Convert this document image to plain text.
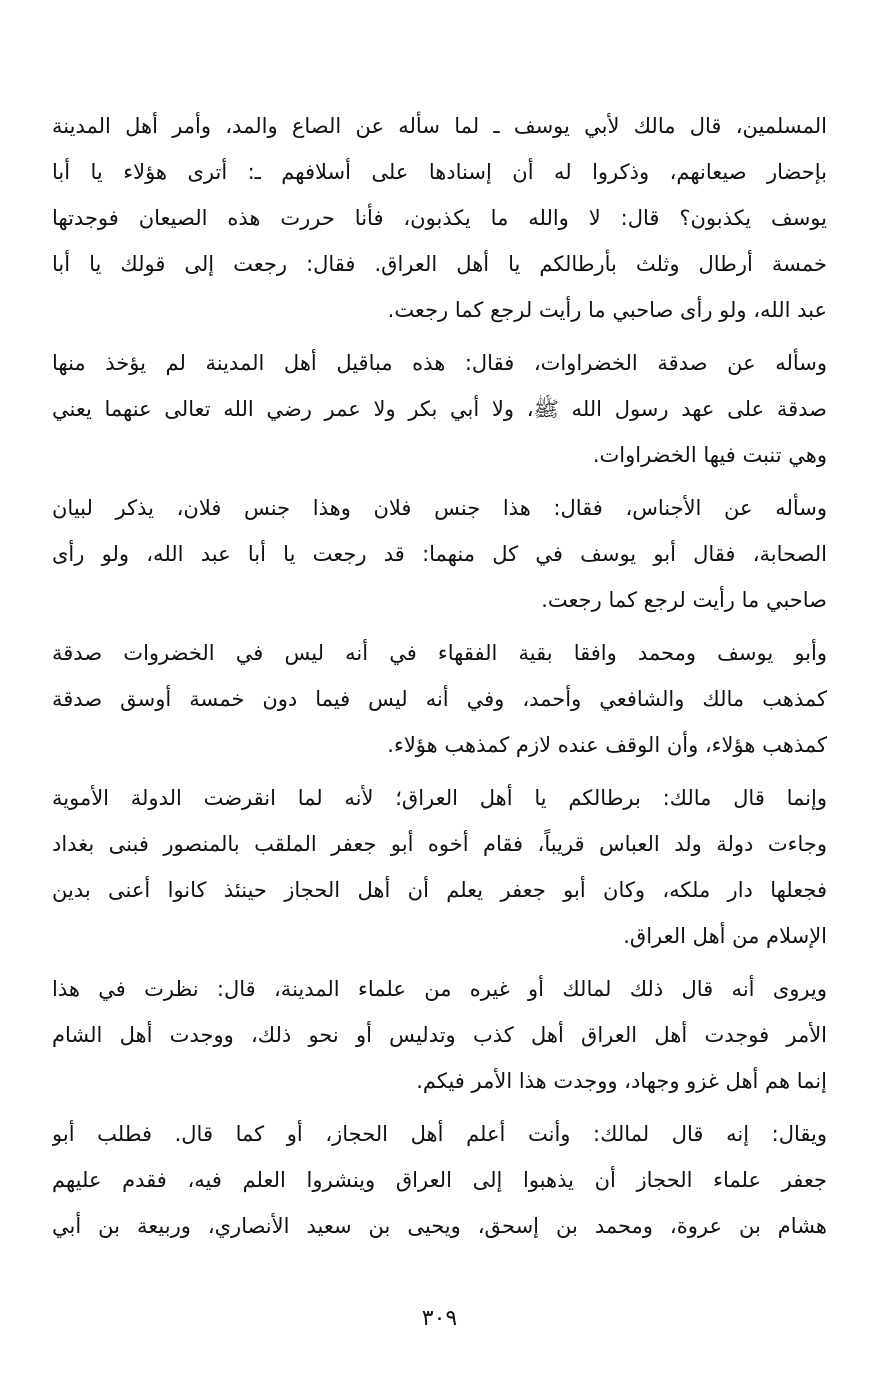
المسلمين، قال مالك لأبي يوسف ـ لما سأله عن الصاع والمد، وأمر أهل المدينة
بإحضار صيعانهم، وذكروا له أن إسنادها على أسلافهم ـ: أترى هؤلاء يا أبا
يوسف يكذبون؟ قال: لا والله ما يكذبون، فأنا حررت هذه الصيعان فوجدتها
خمسة أرطال وثلث بأرطالكم يا أهل العراق. فقال: رجعت إلى قولك يا أبا
عبد الله، ولو رأى صاحبي ما رأيت لرجع كما رجعت.
وسأله عن صدقة الخضراوات، فقال: هذه مباقيل أهل المدينة لم يؤخذ منها
صدقة على عهد رسول الله ﷺ، ولا أبي بكر ولا عمر رضي الله تعالى عنهما يعني
وهي تنبت فيها الخضراوات.
وسأله عن الأجناس، فقال: هذا جنس فلان وهذا جنس فلان، يذكر لبيان
الصحابة، فقال أبو يوسف في كل منهما: قد رجعت يا أبا عبد الله، ولو رأى
صاحبي ما رأيت لرجع كما رجعت.
وأبو يوسف ومحمد وافقا بقية الفقهاء في أنه ليس في الخضروات صدقة
كمذهب مالك والشافعي وأحمد، وفي أنه ليس فيما دون خمسة أوسق صدقة
كمذهب هؤلاء، وأن الوقف عنده لازم كمذهب هؤلاء.
وإنما قال مالك: برطالكم يا أهل العراق؛ لأنه لما انقرضت الدولة الأموية
وجاءت دولة ولد العباس قريباً، فقام أخوه أبو جعفر الملقب بالمنصور فبنى بغداد
فجعلها دار ملكه، وكان أبو جعفر يعلم أن أهل الحجاز حينئذ كانوا أعنى بدين
الإسلام من أهل العراق.
ويروى أنه قال ذلك لمالك أو غيره من علماء المدينة، قال: نظرت في هذا
الأمر فوجدت أهل العراق أهل كذب وتدليس أو نحو ذلك، ووجدت أهل الشام
إنما هم أهل غزو وجهاد، ووجدت هذا الأمر فيكم.
ويقال: إنه قال لمالك: وأنت أعلم أهل الحجاز، أو كما قال. فطلب أبو
جعفر علماء الحجاز أن يذهبوا إلى العراق وينشروا العلم فيه، فقدم عليهم
هشام بن عروة، ومحمد بن إسحق، ويحيى بن سعيد الأنصاري، وربيعة بن أبي
٣٠٩
